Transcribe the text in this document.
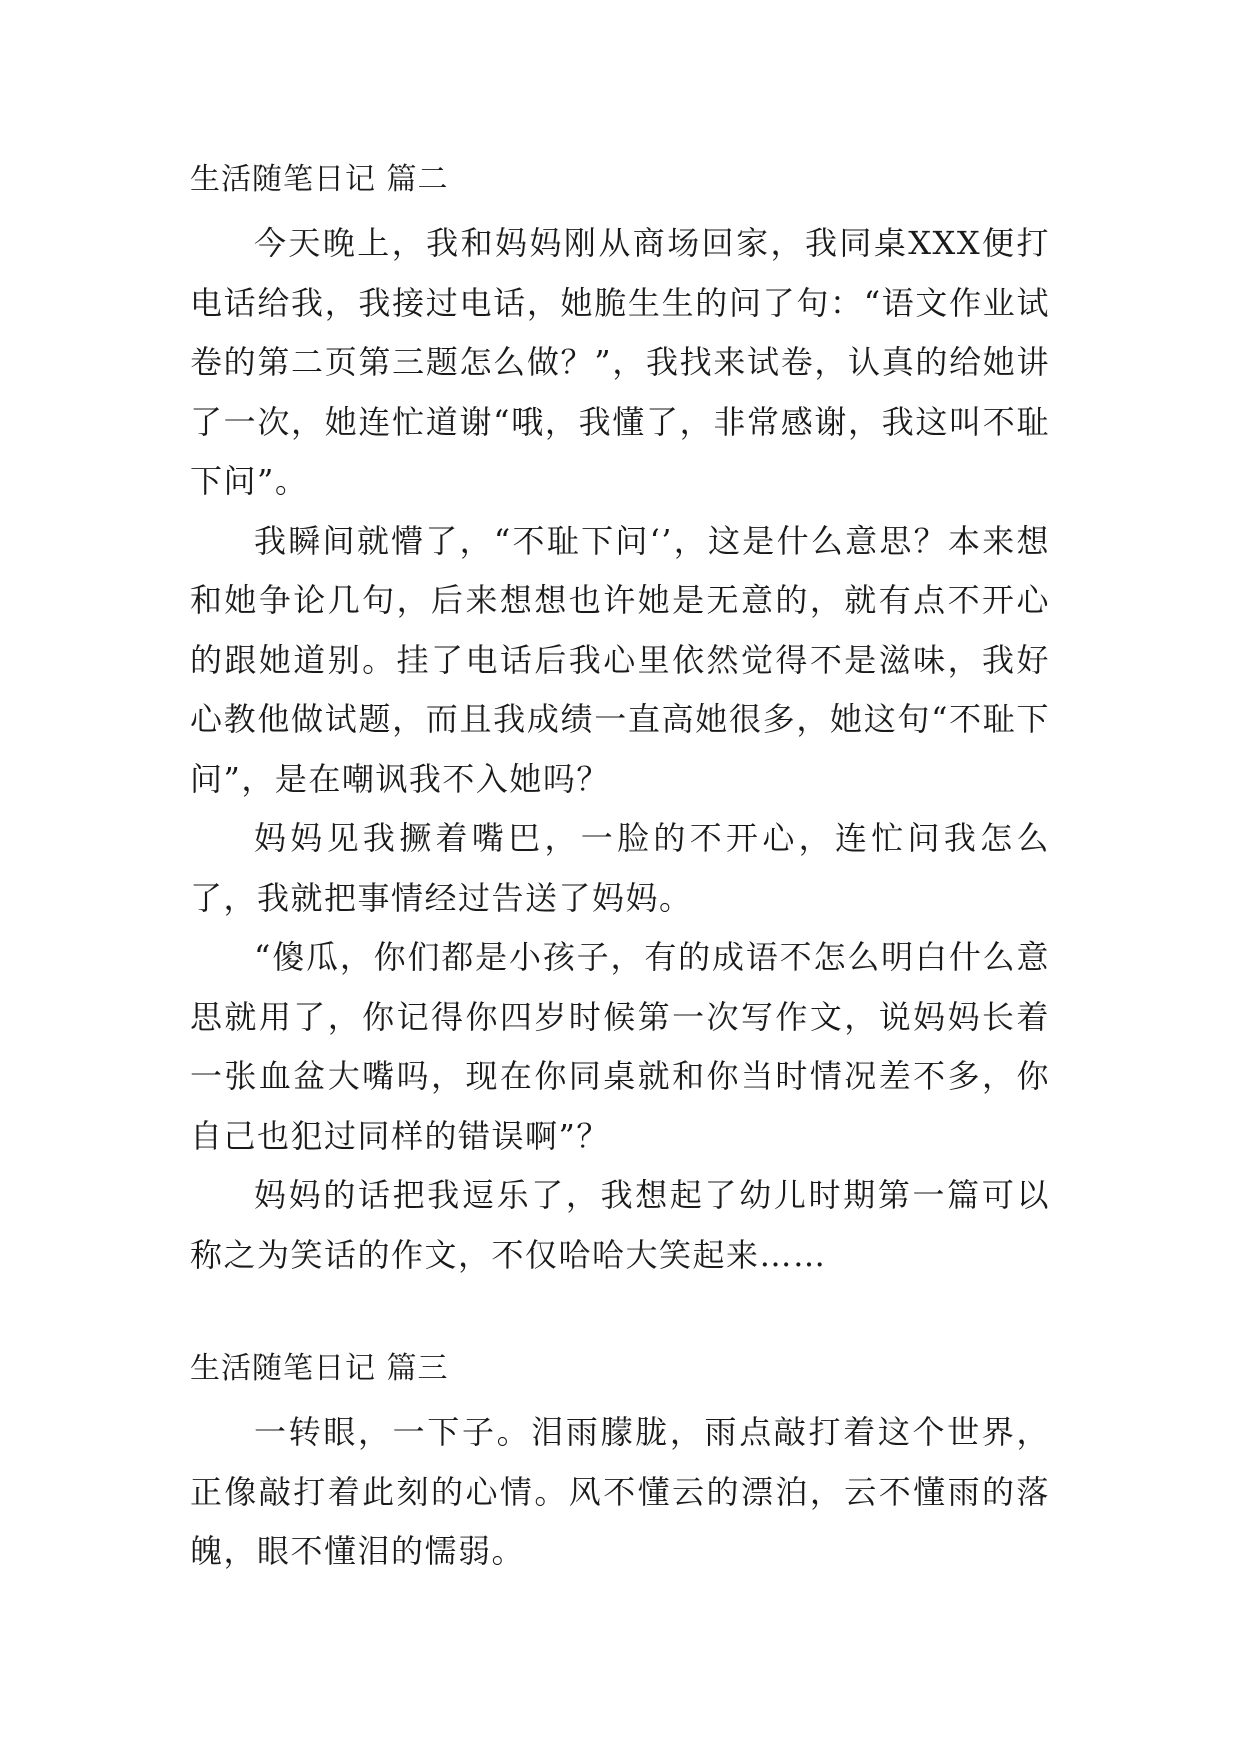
生活随笔日记 篇二

今天晚上，我和妈妈刚从商场回家，我同桌XXX便打电话给我，我接过电话，她脆生生的问了句：“语文作业试卷的第二页第三题怎么做？”，我找来试卷，认真的给她讲了一次，她连忙道谢“哦，我懂了，非常感谢，我这叫不耻下问”。

我瞬间就懵了，“不耻下问‘’，这是什么意思？本来想和她争论几句，后来想想也许她是无意的，就有点不开心的跟她道别。挂了电话后我心里依然觉得不是滋味，我好心教他做试题，而且我成绩一直高她很多，她这句“不耻下问”，是在嘲讽我不入她吗？

妈妈见我撅着嘴巴，一脸的不开心，连忙问我怎么了，我就把事情经过告送了妈妈。

“傻瓜，你们都是小孩子，有的成语不怎么明白什么意思就用了，你记得你四岁时候第一次写作文，说妈妈长着一张血盆大嘴吗，现在你同桌就和你当时情况差不多，你自己也犯过同样的错误啊”？

妈妈的话把我逗乐了，我想起了幼儿时期第一篇可以称之为笑话的作文，不仅哈哈大笑起来……

生活随笔日记 篇三

一转眼，一下子。泪雨朦胧，雨点敲打着这个世界，正像敲打着此刻的心情。风不懂云的漂泊，云不懂雨的落魄，眼不懂泪的懦弱。
